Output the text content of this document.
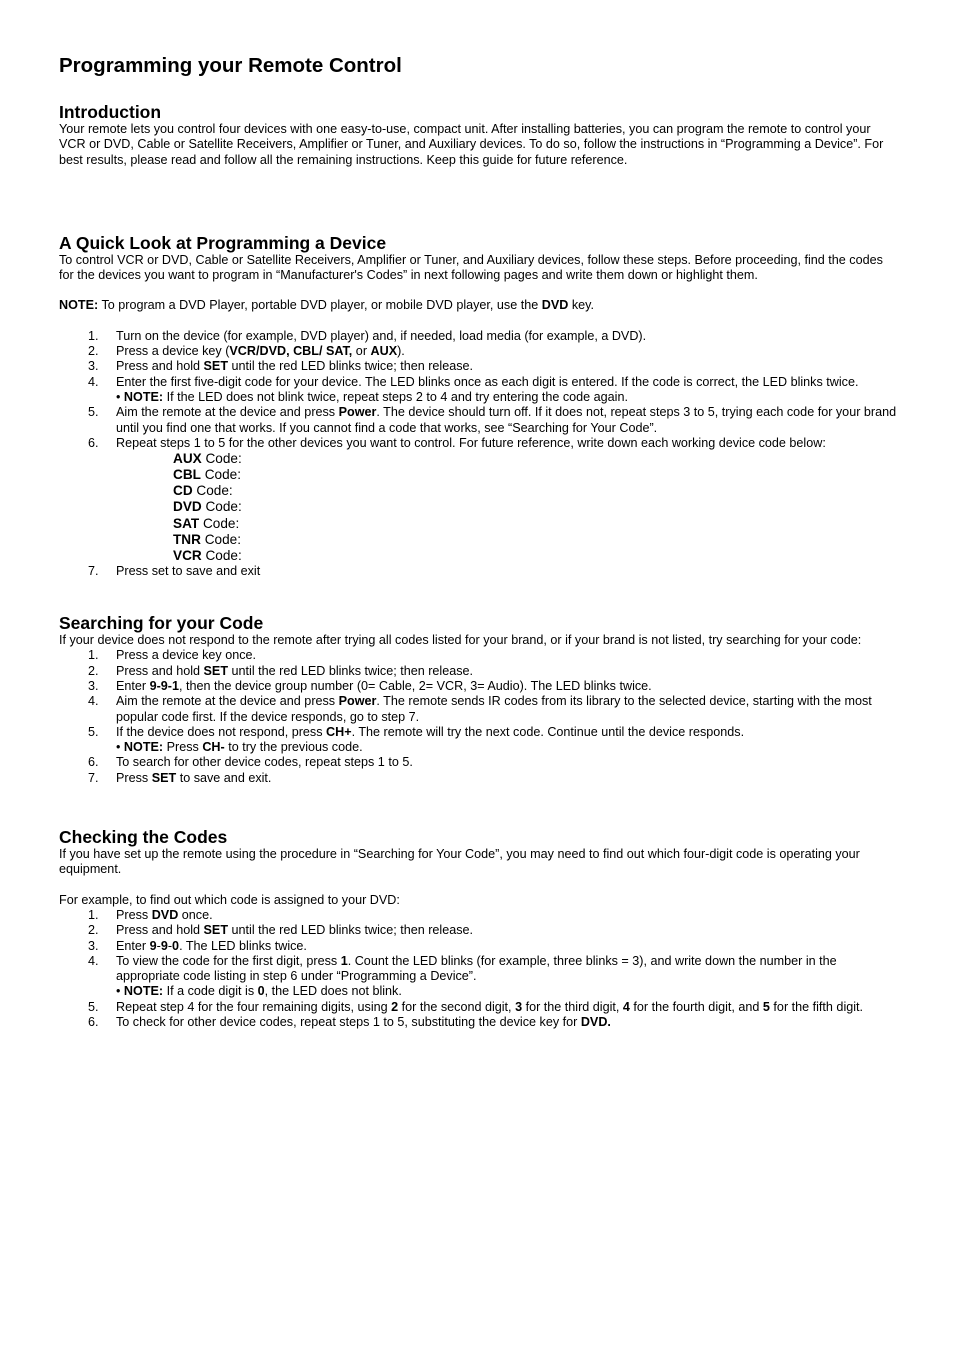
Programming your Remote Control
Introduction

Your remote lets you control four devices with one easy-to-use, compact unit. After installing batteries, you can program the remote to control your VCR or DVD, Cable or Satellite Receivers, Amplifier or Tuner, and Auxiliary devices. To do so, follow the instructions in “Programming a Device”. For best results, please read and follow all the remaining instructions. Keep this guide for future reference.

A Quick Look at Programming a Device

To control VCR or DVD, Cable or Satellite Receivers, Amplifier or Tuner, and Auxiliary devices, follow these steps. Before proceeding, find the codes for the devices you want to program in “Manufacturer's Codes” in next following pages and write them down or highlight them.

NOTE: To program a DVD Player, portable DVD player, or mobile DVD player, use the DVD key.

1. Turn on the device (for example, DVD player) and, if needed, load media (for example, a DVD).
2. Press a device key (VCR/DVD, CBL/ SAT, or AUX).
3. Press and hold SET until the red LED blinks twice; then release.
4. Enter the first five-digit code for your device. The LED blinks once as each digit is entered. If the code is correct, the LED blinks twice.
• NOTE: If the LED does not blink twice, repeat steps 2 to 4 and try entering the code again.
5. Aim the remote at the device and press Power. The device should turn off. If it does not, repeat steps 3 to 5, trying each code for your brand until you find one that works. If you cannot find a code that works, see “Searching for Your Code”.
6. Repeat steps 1 to 5 for the other devices you want to control. For future reference, write down each working device code below:
AUX Code:
CBL Code:
CD Code:
DVD Code:
SAT Code:
TNR Code:
VCR Code:
7. Press set to save and exit
Searching for your Code

If your device does not respond to the remote after trying all codes listed for your brand, or if your brand is not listed, try searching for your code:

1. Press a device key once.
2. Press and hold SET until the red LED blinks twice; then release.
3. Enter 9-9-1, then the device group number (0= Cable, 2= VCR, 3= Audio). The LED blinks twice.
4. Aim the remote at the device and press Power. The remote sends IR codes from its library to the selected device, starting with the most popular code first. If the device responds, go to step 7.
5. If the device does not respond, press CH+. The remote will try the next code. Continue until the device responds.
• NOTE: Press CH- to try the previous code.
6. To search for other device codes, repeat steps 1 to 5.
7. Press SET to save and exit.
Checking the Codes

If you have set up the remote using the procedure in “Searching for Your Code”, you may need to find out which four-digit code is operating your equipment.

For example, to find out which code is assigned to your DVD:

1. Press DVD once.
2. Press and hold SET until the red LED blinks twice; then release.
3. Enter 9-9-0. The LED blinks twice.
4. To view the code for the first digit, press 1. Count the LED blinks (for example, three blinks = 3), and write down the number in the appropriate code listing in step 6 under “Programming a Device”.
• NOTE: If a code digit is 0, the LED does not blink.
5. Repeat step 4 for the four remaining digits, using 2 for the second digit, 3 for the third digit, 4 for the fourth digit, and 5 for the fifth digit.
6. To check for other device codes, repeat steps 1 to 5, substituting the device key for DVD.
